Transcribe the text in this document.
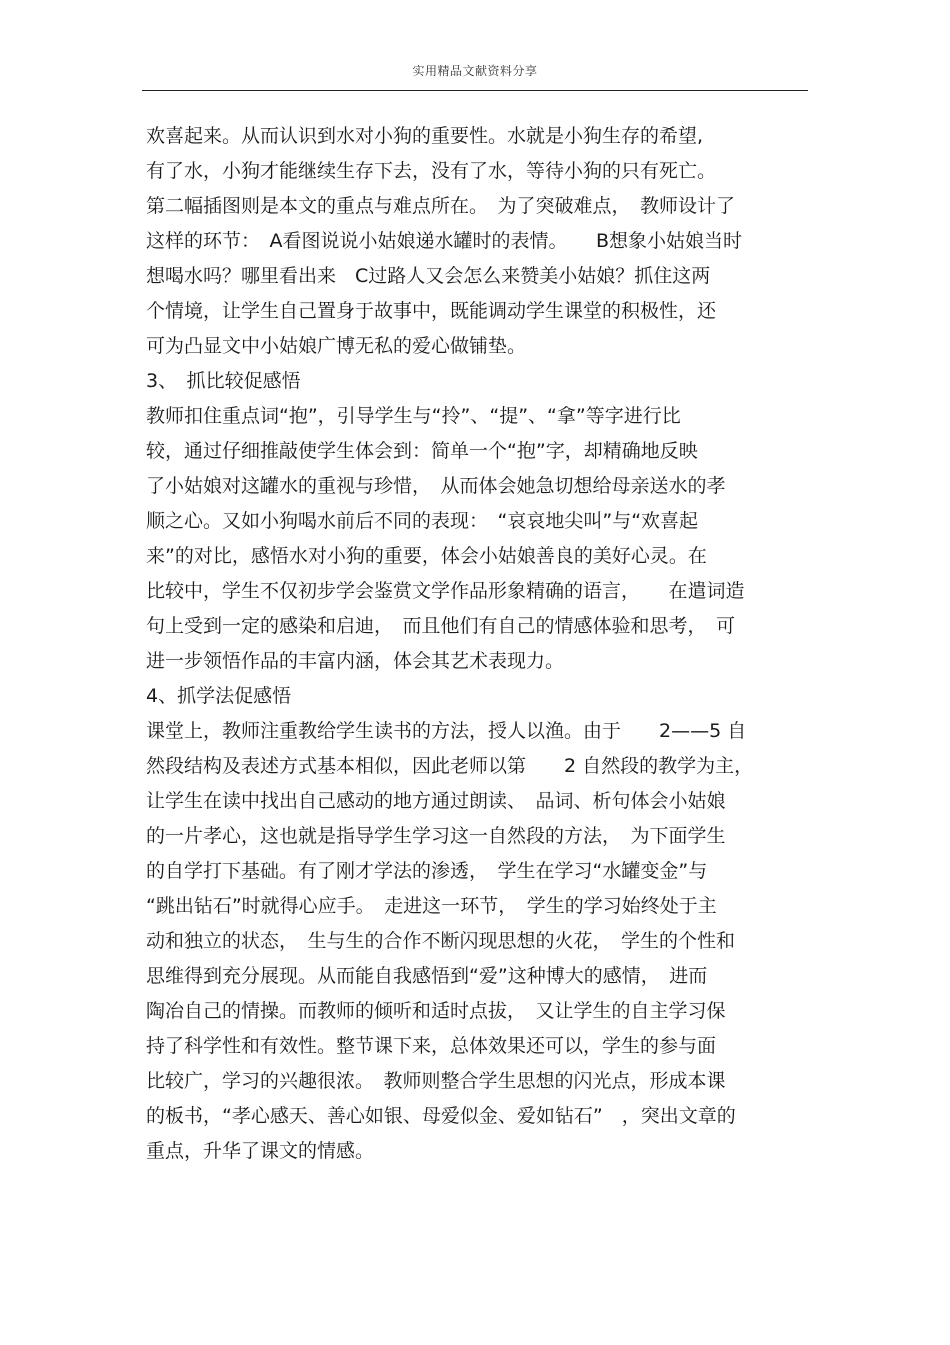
实用精品文献资料分享
欢喜起来。从而认识到水对小狗的重要性。水就是小狗生存的希望,
有了水，小狗才能继续生存下去，没有了水，等待小狗的只有死亡。
第二幅插图则是本文的重点与难点所在。　为了突破难点，　教师设计了
这样的环节：　A看图说说小姑娘递水罐时的表情。　　B想象小姑娘当时
想喝水吗？哪里看出来　C过路人又会怎么来赞美小姑娘？抓住这两
个情境，让学生自己置身于故事中，既能调动学生课堂的积极性，还
可为凸显文中小姑娘广博无私的爱心做铺垫。
3、　抓比较促感悟
教师扣住重点词“抱”，引导学生与“拎”、“提”、“拿”等字进行比
较，通过仔细推敲使学生体会到：简单一个“抱”字，却精确地反映
了小姑娘对这罐水的重视与珍惜，　从而体会她急切想给母亲送水的孝
顺之心。又如小狗喝水前后不同的表现：　“哀哀地尖叫”与“欢喜起
来”的对比，感悟水对小狗的重要，体会小姑娘善良的美好心灵。在
比较中，学生不仅初步学会鉴赏文学作品形象精确的语言，　　在遣词造
句上受到一定的感染和启迪，　而且他们有自己的情感体验和思考，　可
进一步领悟作品的丰富内涵，体会其艺术表现力。
4、抓学法促感悟
课堂上，教师注重教给学生读书的方法，授人以渔。由于　　2——5 自
然段结构及表述方式基本相似，因此老师以第　　2 自然段的教学为主，
让学生在读中找出自己感动的地方通过朗读、　品词、析句体会小姑娘
的一片孝心，这也就是指导学生学习这一自然段的方法，　为下面学生
的自学打下基础。有了刚才学法的渗透，　学生在学习“水罐变金”与
“跳出钻石”时就得心应手。　走进这一环节，　学生的学习始终处于主
动和独立的状态，　生与生的合作不断闪现思想的火花，　学生的个性和
思维得到充分展现。从而能自我感悟到“爱”这种博大的感情，　进而
陶冶自己的情操。而教师的倾听和适时点拔，　又让学生的自主学习保
持了科学性和有效性。整节课下来，总体效果还可以，学生的参与面
比较广，学习的兴趣很浓。　教师则整合学生思想的闪光点，形成本课
的板书，“孝心感天、善心如银、母爱似金、爱如钻石”　，突出文章的
重点，升华了课文的情感。
